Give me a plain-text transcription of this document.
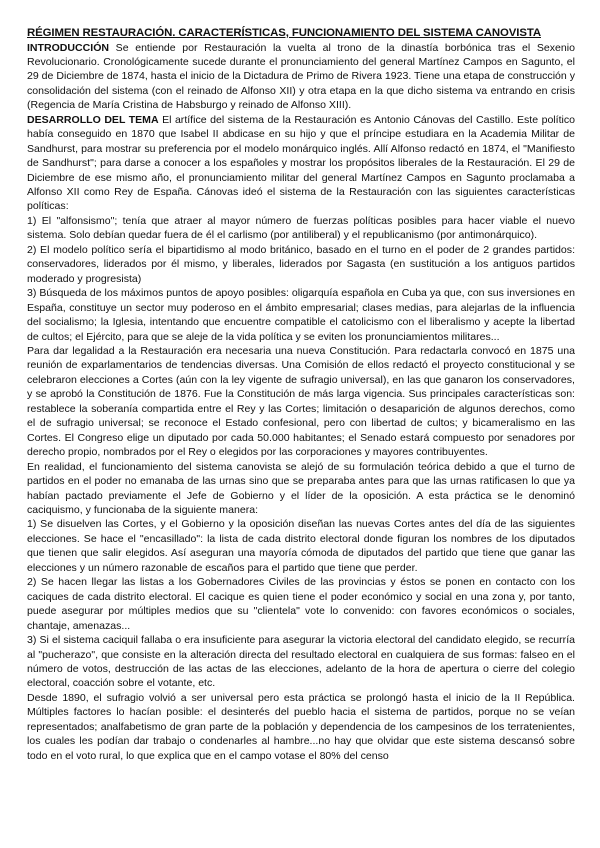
RÉGIMEN RESTAURACIÓN. CARACTERÍSTICAS, FUNCIONAMIENTO DEL SISTEMA CANOVISTA

INTRODUCCIÓN Se entiende por Restauración la vuelta al trono de la dinastía borbónica tras el Sexenio Revolucionario. Cronológicamente sucede durante el pronunciamiento del general Martínez Campos en Sagunto, el 29 de Diciembre de 1874, hasta el inicio de la Dictadura de Primo de Rivera 1923. Tiene una etapa de construcción y consolidación del sistema (con el reinado de Alfonso XII) y otra etapa en la que dicho sistema va entrando en crisis (Regencia de María Cristina de Habsburgo y reinado de Alfonso XIII).

DESARROLLO DEL TEMA El artífice del sistema de la Restauración es Antonio Cánovas del Castillo. Este político había conseguido en 1870 que Isabel II abdicase en su hijo y que el príncipe estudiara en la Academia Militar de Sandhurst, para mostrar su preferencia por el modelo monárquico inglés. Allí Alfonso redactó en 1874, el "Manifiesto de Sandhurst"; para darse a conocer a los españoles y mostrar los propósitos liberales de la Restauración. El 29 de Diciembre de ese mismo año, el pronunciamiento militar del general Martínez Campos en Sagunto proclamaba a Alfonso XII como Rey de España. Cánovas ideó el sistema de la Restauración con las siguientes características políticas:

1) El "alfonsismo"; tenía que atraer al mayor número de fuerzas políticas posibles para hacer viable el nuevo sistema. Solo debían quedar fuera de él el carlismo (por antiliberal) y el republicanismo (por antimonárquico).

2) El modelo político sería el bipartidismo al modo británico, basado en el turno en el poder de 2 grandes partidos: conservadores, liderados por él mismo, y liberales, liderados por Sagasta (en sustitución a los antiguos partidos moderado y progresista)

3) Búsqueda de los máximos puntos de apoyo posibles: oligarquía española en Cuba ya que, con sus inversiones en España, constituye un sector muy poderoso en el ámbito empresarial; clases medias, para alejarlas de la influencia del socialismo; la Iglesia, intentando que encuentre compatible el catolicismo con el liberalismo y acepte la libertad de cultos; el Ejército, para que se aleje de la vida política y se eviten los pronunciamientos militares...

Para dar legalidad a la Restauración era necesaria una nueva Constitución. Para redactarla convocó en 1875 una reunión de exparlamentarios de tendencias diversas. Una Comisión de ellos redactó el proyecto constitucional y se celebraron elecciones a Cortes (aún con la ley vigente de sufragio universal), en las que ganaron los conservadores, y se aprobó la Constitución de 1876. Fue la Constitución de más larga vigencia. Sus principales características son: restablece la soberanía compartida entre el Rey y las Cortes; limitación o desaparición de algunos derechos, como el de sufragio universal; se reconoce el Estado confesional, pero con libertad de cultos; y bicameralismo en las Cortes. El Congreso elige un diputado por cada 50.000 habitantes; el Senado estará compuesto por senadores por derecho propio, nombrados por el Rey o elegidos por las corporaciones y mayores contribuyentes.

En realidad, el funcionamiento del sistema canovista se alejó de su formulación teórica debido a que el turno de partidos en el poder no emanaba de las urnas sino que se preparaba antes para que las urnas ratificasen lo que ya habían pactado previamente el Jefe de Gobierno y el líder de la oposición. A esta práctica se le denominó caciquismo, y funcionaba de la siguiente manera:

1) Se disuelven las Cortes, y el Gobierno y la oposición diseñan las nuevas Cortes antes del día de las siguientes elecciones. Se hace el "encasillado": la lista de cada distrito electoral donde figuran los nombres de los diputados que tienen que salir elegidos. Así aseguran una mayoría cómoda de diputados del partido que tiene que ganar las elecciones y un número razonable de escaños para el partido que tiene que perder.

2) Se hacen llegar las listas a los Gobernadores Civiles de las provincias y éstos se ponen en contacto con los caciques de cada distrito electoral. El cacique es quien tiene el poder económico y social en una zona y, por tanto, puede asegurar por múltiples medios que su "clientela" vote lo convenido: con favores económicos o sociales, chantaje, amenazas...

3) Si el sistema caciquil fallaba o era insuficiente para asegurar la victoria electoral del candidato elegido, se recurría al "pucherazo", que consiste en la alteración directa del resultado electoral en cualquiera de sus formas: falseo en el número de votos, destrucción de las actas de las elecciones, adelanto de la hora de apertura o cierre del colegio electoral, coacción sobre el votante, etc.

Desde 1890, el sufragio volvió a ser universal pero esta práctica se prolongó hasta el inicio de la II República. Múltiples factores lo hacían posible: el desinterés del pueblo hacia el sistema de partidos, porque no se veían representados; analfabetismo de gran parte de la población y dependencia de los campesinos de los terratenientes, los cuales les podían dar trabajo o condenarles al hambre...no hay que olvidar que este sistema descansó sobre todo en el voto rural, lo que explica que en el campo votase el 80% del censo
